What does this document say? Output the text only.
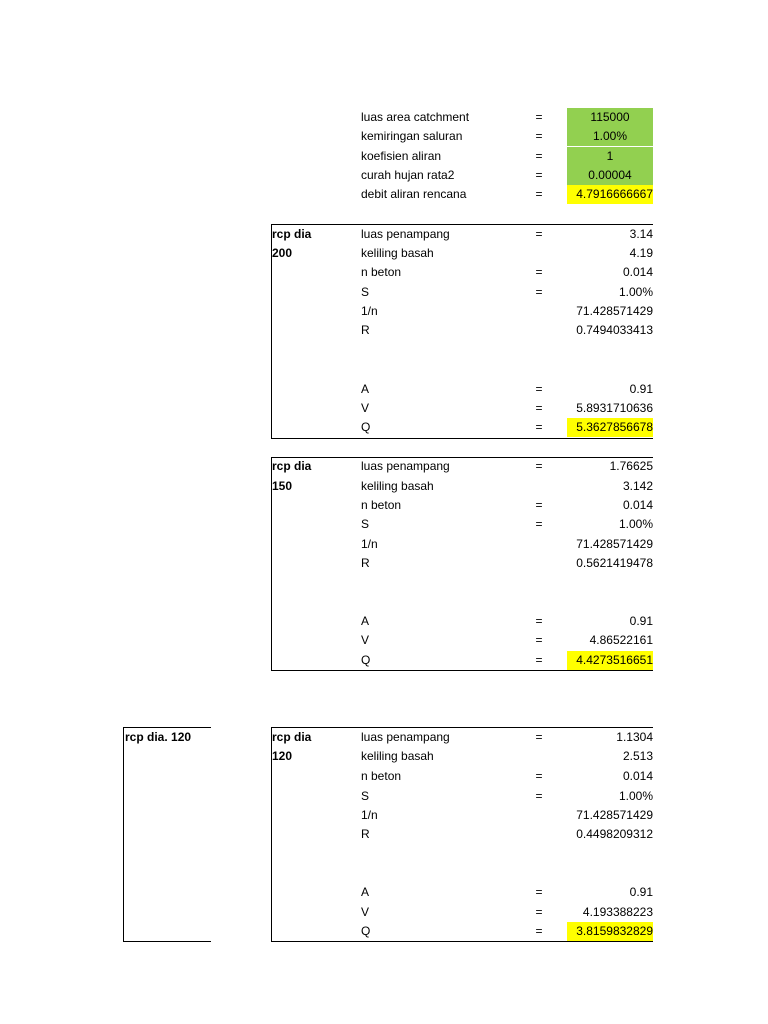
luas area catchment	=	115000
kemiringan saluran	=	1.00%
koefisien aliran	=	1
curah hujan rata2	=	0.00004
debit aliran rencana	=	4.7916666667
rcp dia
200
luas penampang	=	3.14
keliling basah	4.19
n beton	=	0.014
S	=	1.00%
1/n	71.428571429
R	0.7494033413
A	=	0.91
V	=	5.8931710636
Q	=	5.3627856678
rcp dia
150
luas penampang	=	1.76625
keliling basah	3.142
n beton	=	0.014
S	=	1.00%
1/n	71.428571429
R	0.5621419478
A	=	0.91
V	=	4.86522161
Q	=	4.4273516651
rcp dia. 120	rcp dia
120
luas penampang	=	1.1304
keliling basah	2.513
n beton	=	0.014
S	=	1.00%
1/n	71.428571429
R	0.4498209312
A	=	0.91
V	=	4.193388223
Q	=	3.8159832829
